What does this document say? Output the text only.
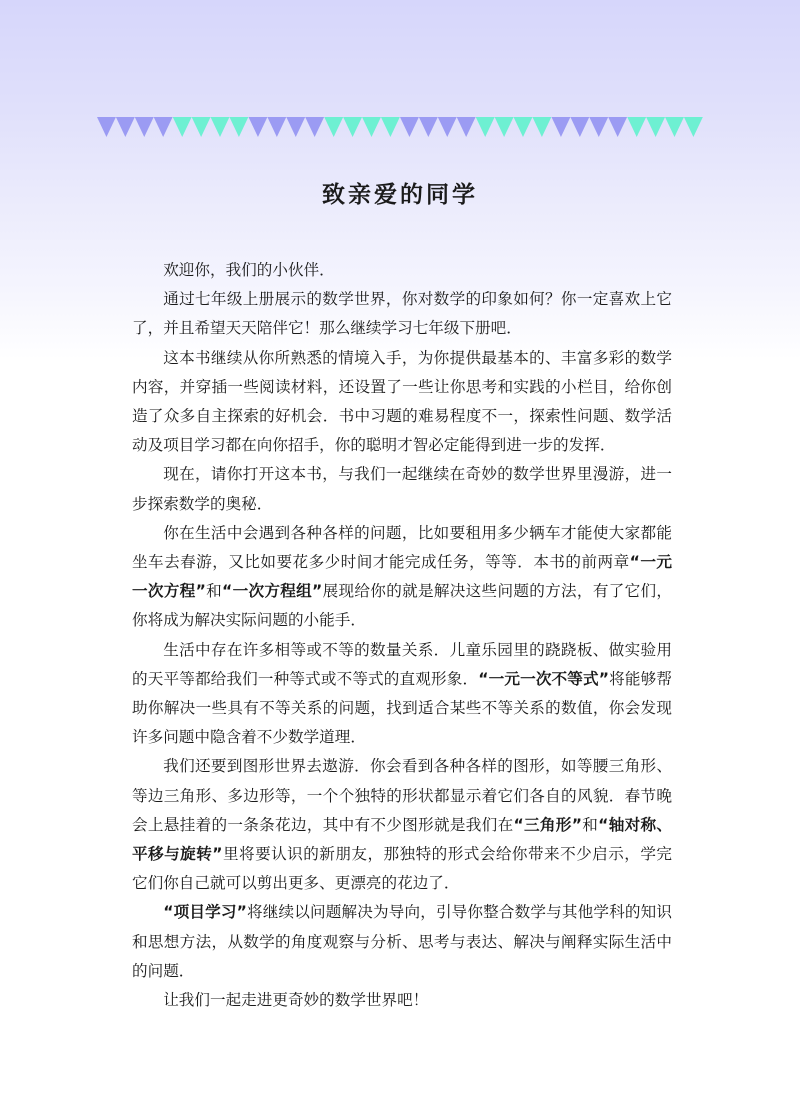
致亲爱的同学

欢迎你，我们的小伙伴．

通过七年级上册展示的数学世界，你对数学的印象如何？你一定喜欢上它了，并且希望天天陪伴它！那么继续学习七年级下册吧．

这本书继续从你所熟悉的情境入手，为你提供最基本的、丰富多彩的数学内容，并穿插一些阅读材料，还设置了一些让你思考和实践的小栏目，给你创造了众多自主探索的好机会．书中习题的难易程度不一，探索性问题、数学活动及项目学习都在向你招手，你的聪明才智必定能得到进一步的发挥．

现在，请你打开这本书，与我们一起继续在奇妙的数学世界里漫游，进一步探索数学的奥秘．

你在生活中会遇到各种各样的问题，比如要租用多少辆车才能使大家都能坐车去春游，又比如要花多少时间才能完成任务，等等．本书的前两章“一元一次方程”和“一次方程组”展现给你的就是解决这些问题的方法，有了它们，你将成为解决实际问题的小能手．

生活中存在许多相等或不等的数量关系．儿童乐园里的跷跷板、做实验用的天平等都给我们一种等式或不等式的直观形象．“一元一次不等式”将能够帮助你解决一些具有不等关系的问题，找到适合某些不等关系的数值，你会发现许多问题中隐含着不少数学道理．

我们还要到图形世界去遨游．你会看到各种各样的图形，如等腰三角形、等边三角形、多边形等，一个个独特的形状都显示着它们各自的风貌．春节晚会上悬挂着的一条条花边，其中有不少图形就是我们在“三角形”和“轴对称、平移与旋转”里将要认识的新朋友，那独特的形式会给你带来不少启示，学完它们你自己就可以剪出更多、更漂亮的花边了．

“项目学习”将继续以问题解决为导向，引导你整合数学与其他学科的知识和思想方法，从数学的角度观察与分析、思考与表达、解决与阐释实际生活中的问题．

让我们一起走进更奇妙的数学世界吧！
